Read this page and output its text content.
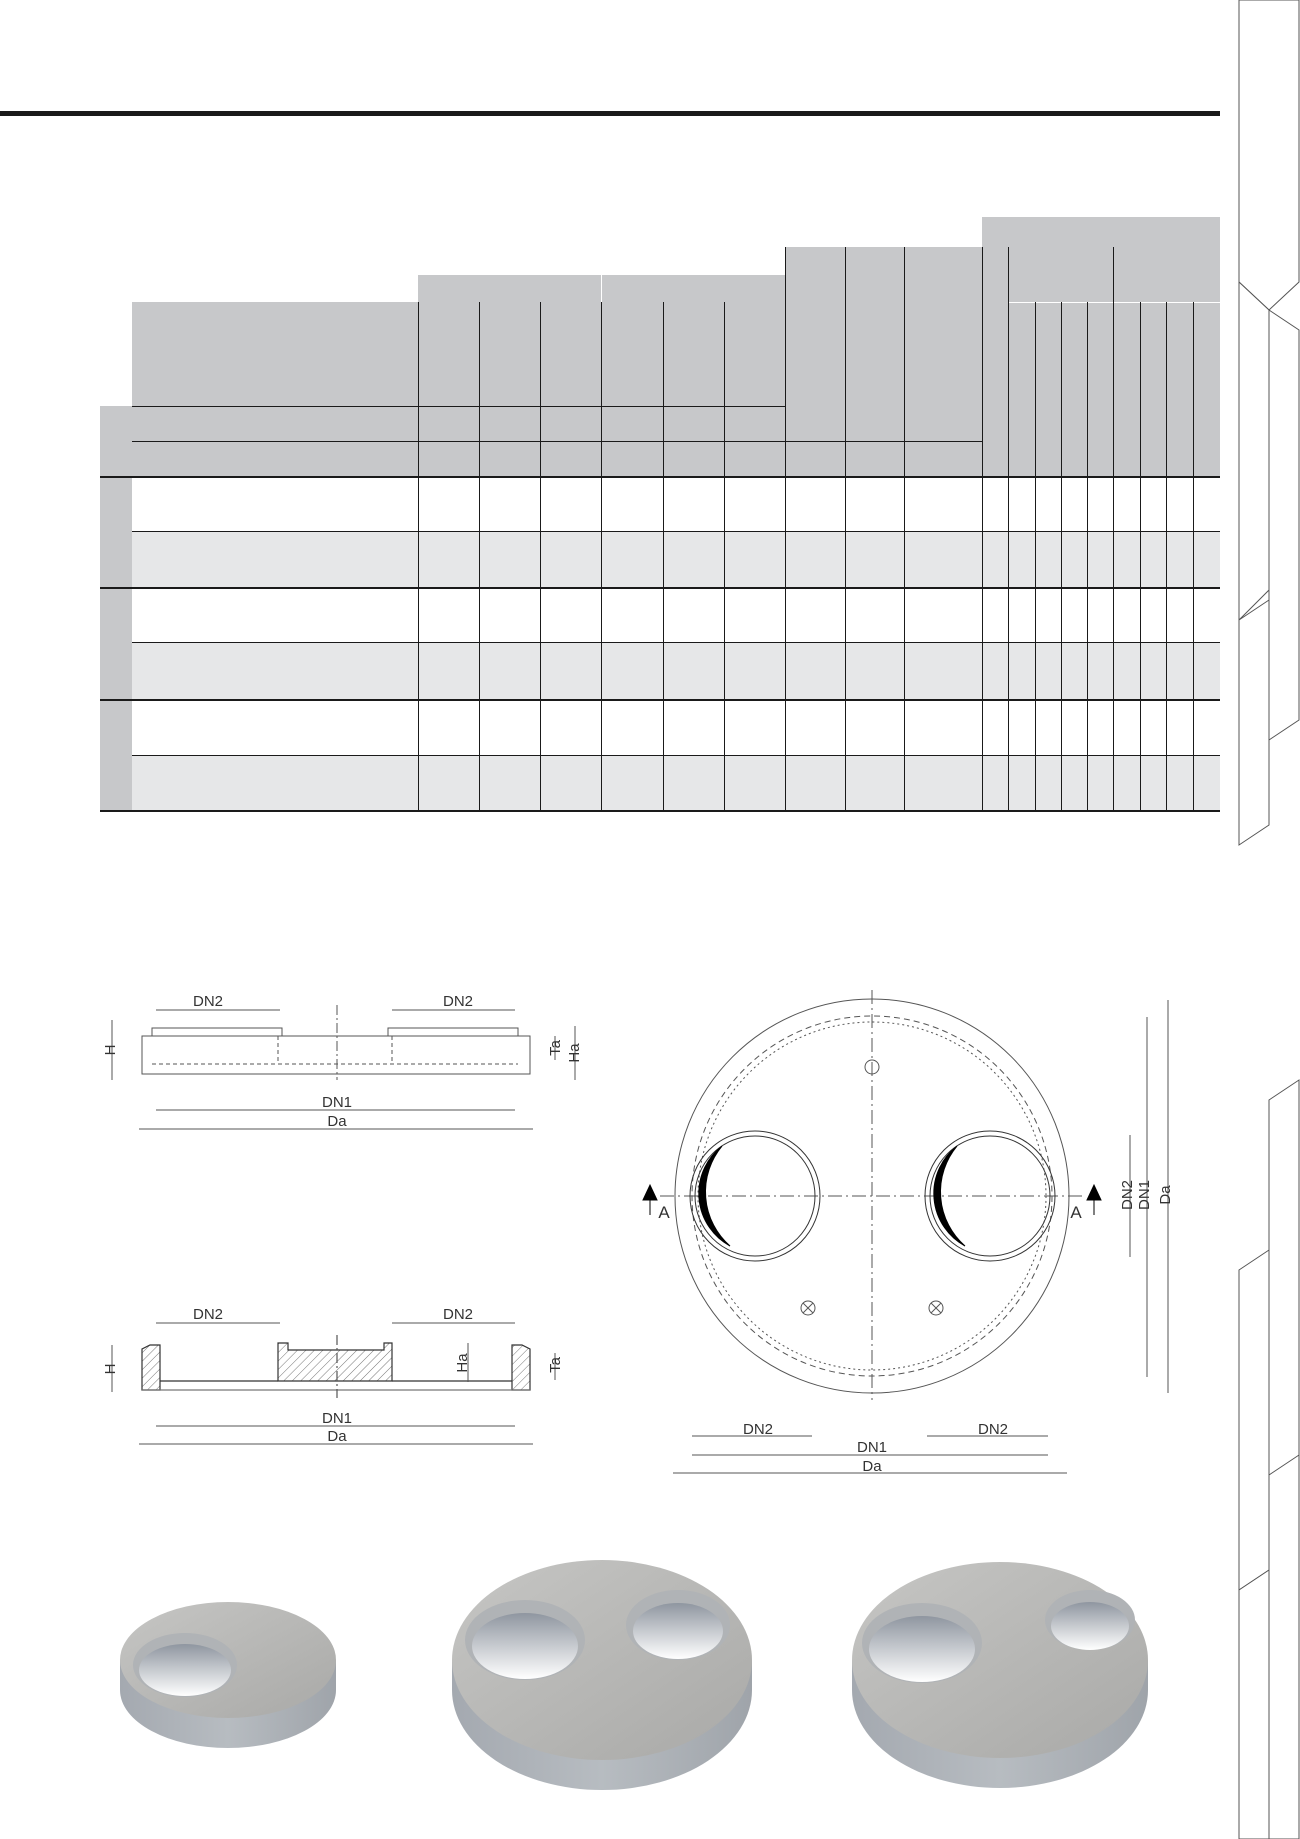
DN2	DN2
DN1
Da
H	Ta Ha
DN2	DN2
DN1
Da
H	Ha	Ta
A	A
DN2 DN1 Da
DN2	DN2
DN1
Da
